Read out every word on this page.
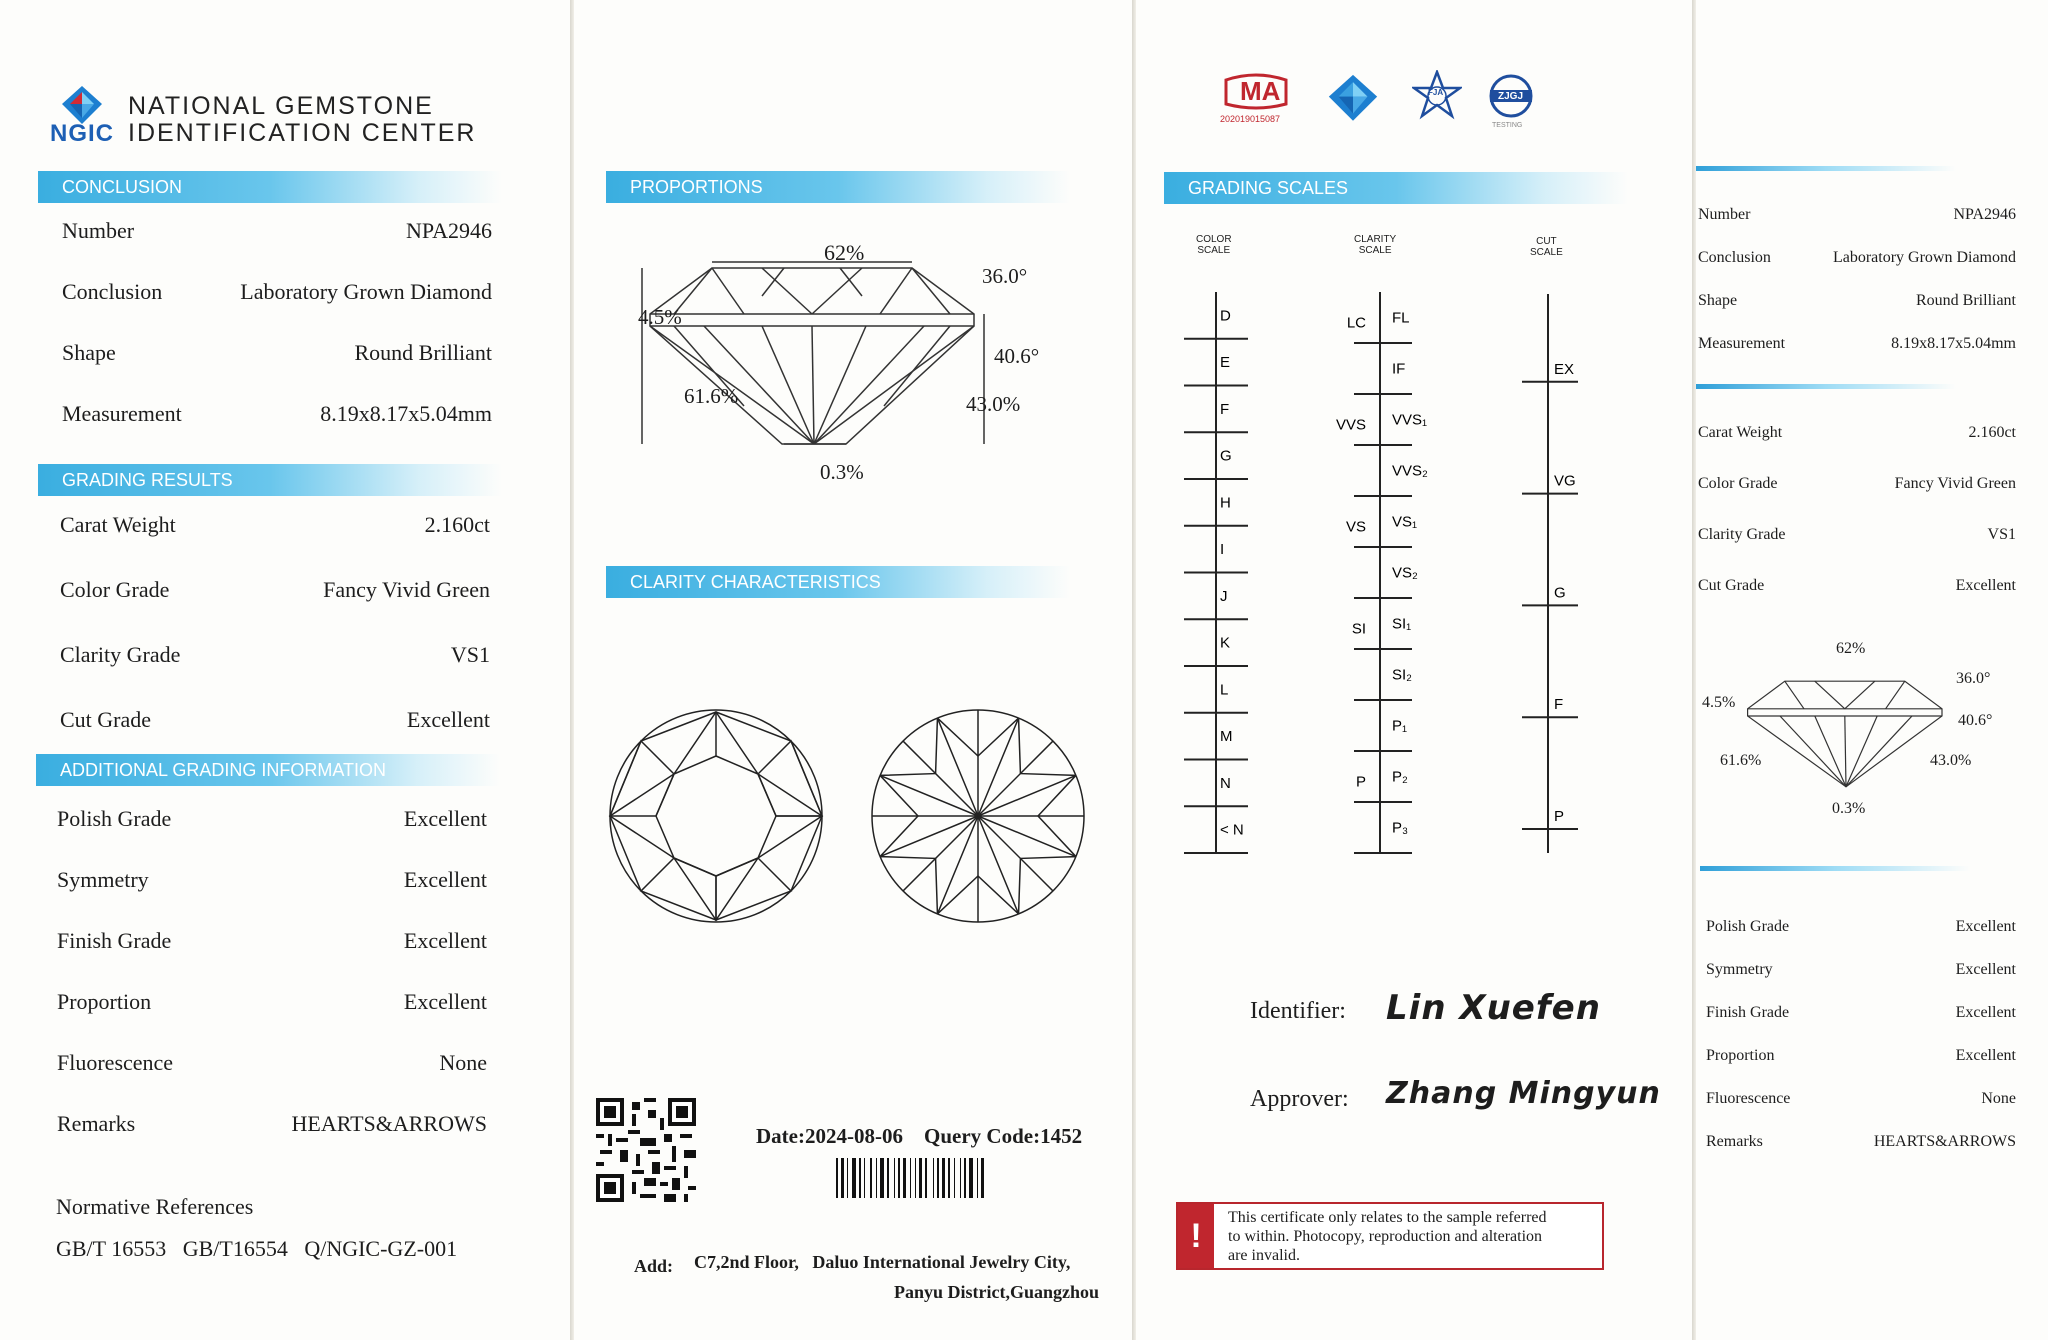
NGIC
NATIONAL GEMSTONE
IDENTIFICATION CENTER
CONCLUSION
Number	NPA2946
Conclusion	Laboratory Grown Diamond
Shape	Round Brilliant
Measurement	8.19x8.17x5.04mm
GRADING RESULTS
Carat Weight	2.160ct
Color Grade	Fancy Vivid Green
Clarity Grade	VS1
Cut Grade	Excellent
ADDITIONAL GRADING INFORMATION
Polish Grade	Excellent
Symmetry	Excellent
Finish Grade	Excellent
Proportion	Excellent
Fluorescence	None
Remarks	HEARTS&ARROWS
Normative References
GB/T 16553   GB/T16554   Q/NGIC-GZ-001
PROPORTIONS
62%
4.5%
36.0°
40.6°
61.6%	43.0%
0.3%
CLARITY CHARACTERISTICS
Date:2024-08-06 Query Code:1452
Add: C7,2nd Floor,   Daluo International Jewelry City,
Panyu District,Guangzhou
MA
202019015087
FJA	ZJGJ
TESTING
GRADING SCALES
COLOR
SCALE
CLARITY
SCALE
CUT
SCALE
D
E
F
G
H
I
J
K
L
M
N
< N
FL
IF
VVS₁
VVS₂
VS₁
VS₂
SI₁
SI₂
P₁
P₂
P₃
LC
VVS
VS
SI
P
EX
VG
G
F
P
Identifier: Lin Xuefen
Approver: Zhang Mingyun
!	This certificate only relates to the sample referred
to within. Photocopy, reproduction and alteration
are invalid.
Number	NPA2946
Conclusion	Laboratory Grown Diamond
Shape	Round Brilliant
Measurement	8.19x8.17x5.04mm
Carat Weight	2.160ct
Color Grade	Fancy Vivid Green
Clarity Grade	VS1
Cut Grade	Excellent
62%
4.5%
36.0°
40.6°
61.6%	43.0%
0.3%
Polish Grade	Excellent
Symmetry	Excellent
Finish Grade	Excellent
Proportion	Excellent
Fluorescence	None
Remarks	HEARTS&ARROWS
